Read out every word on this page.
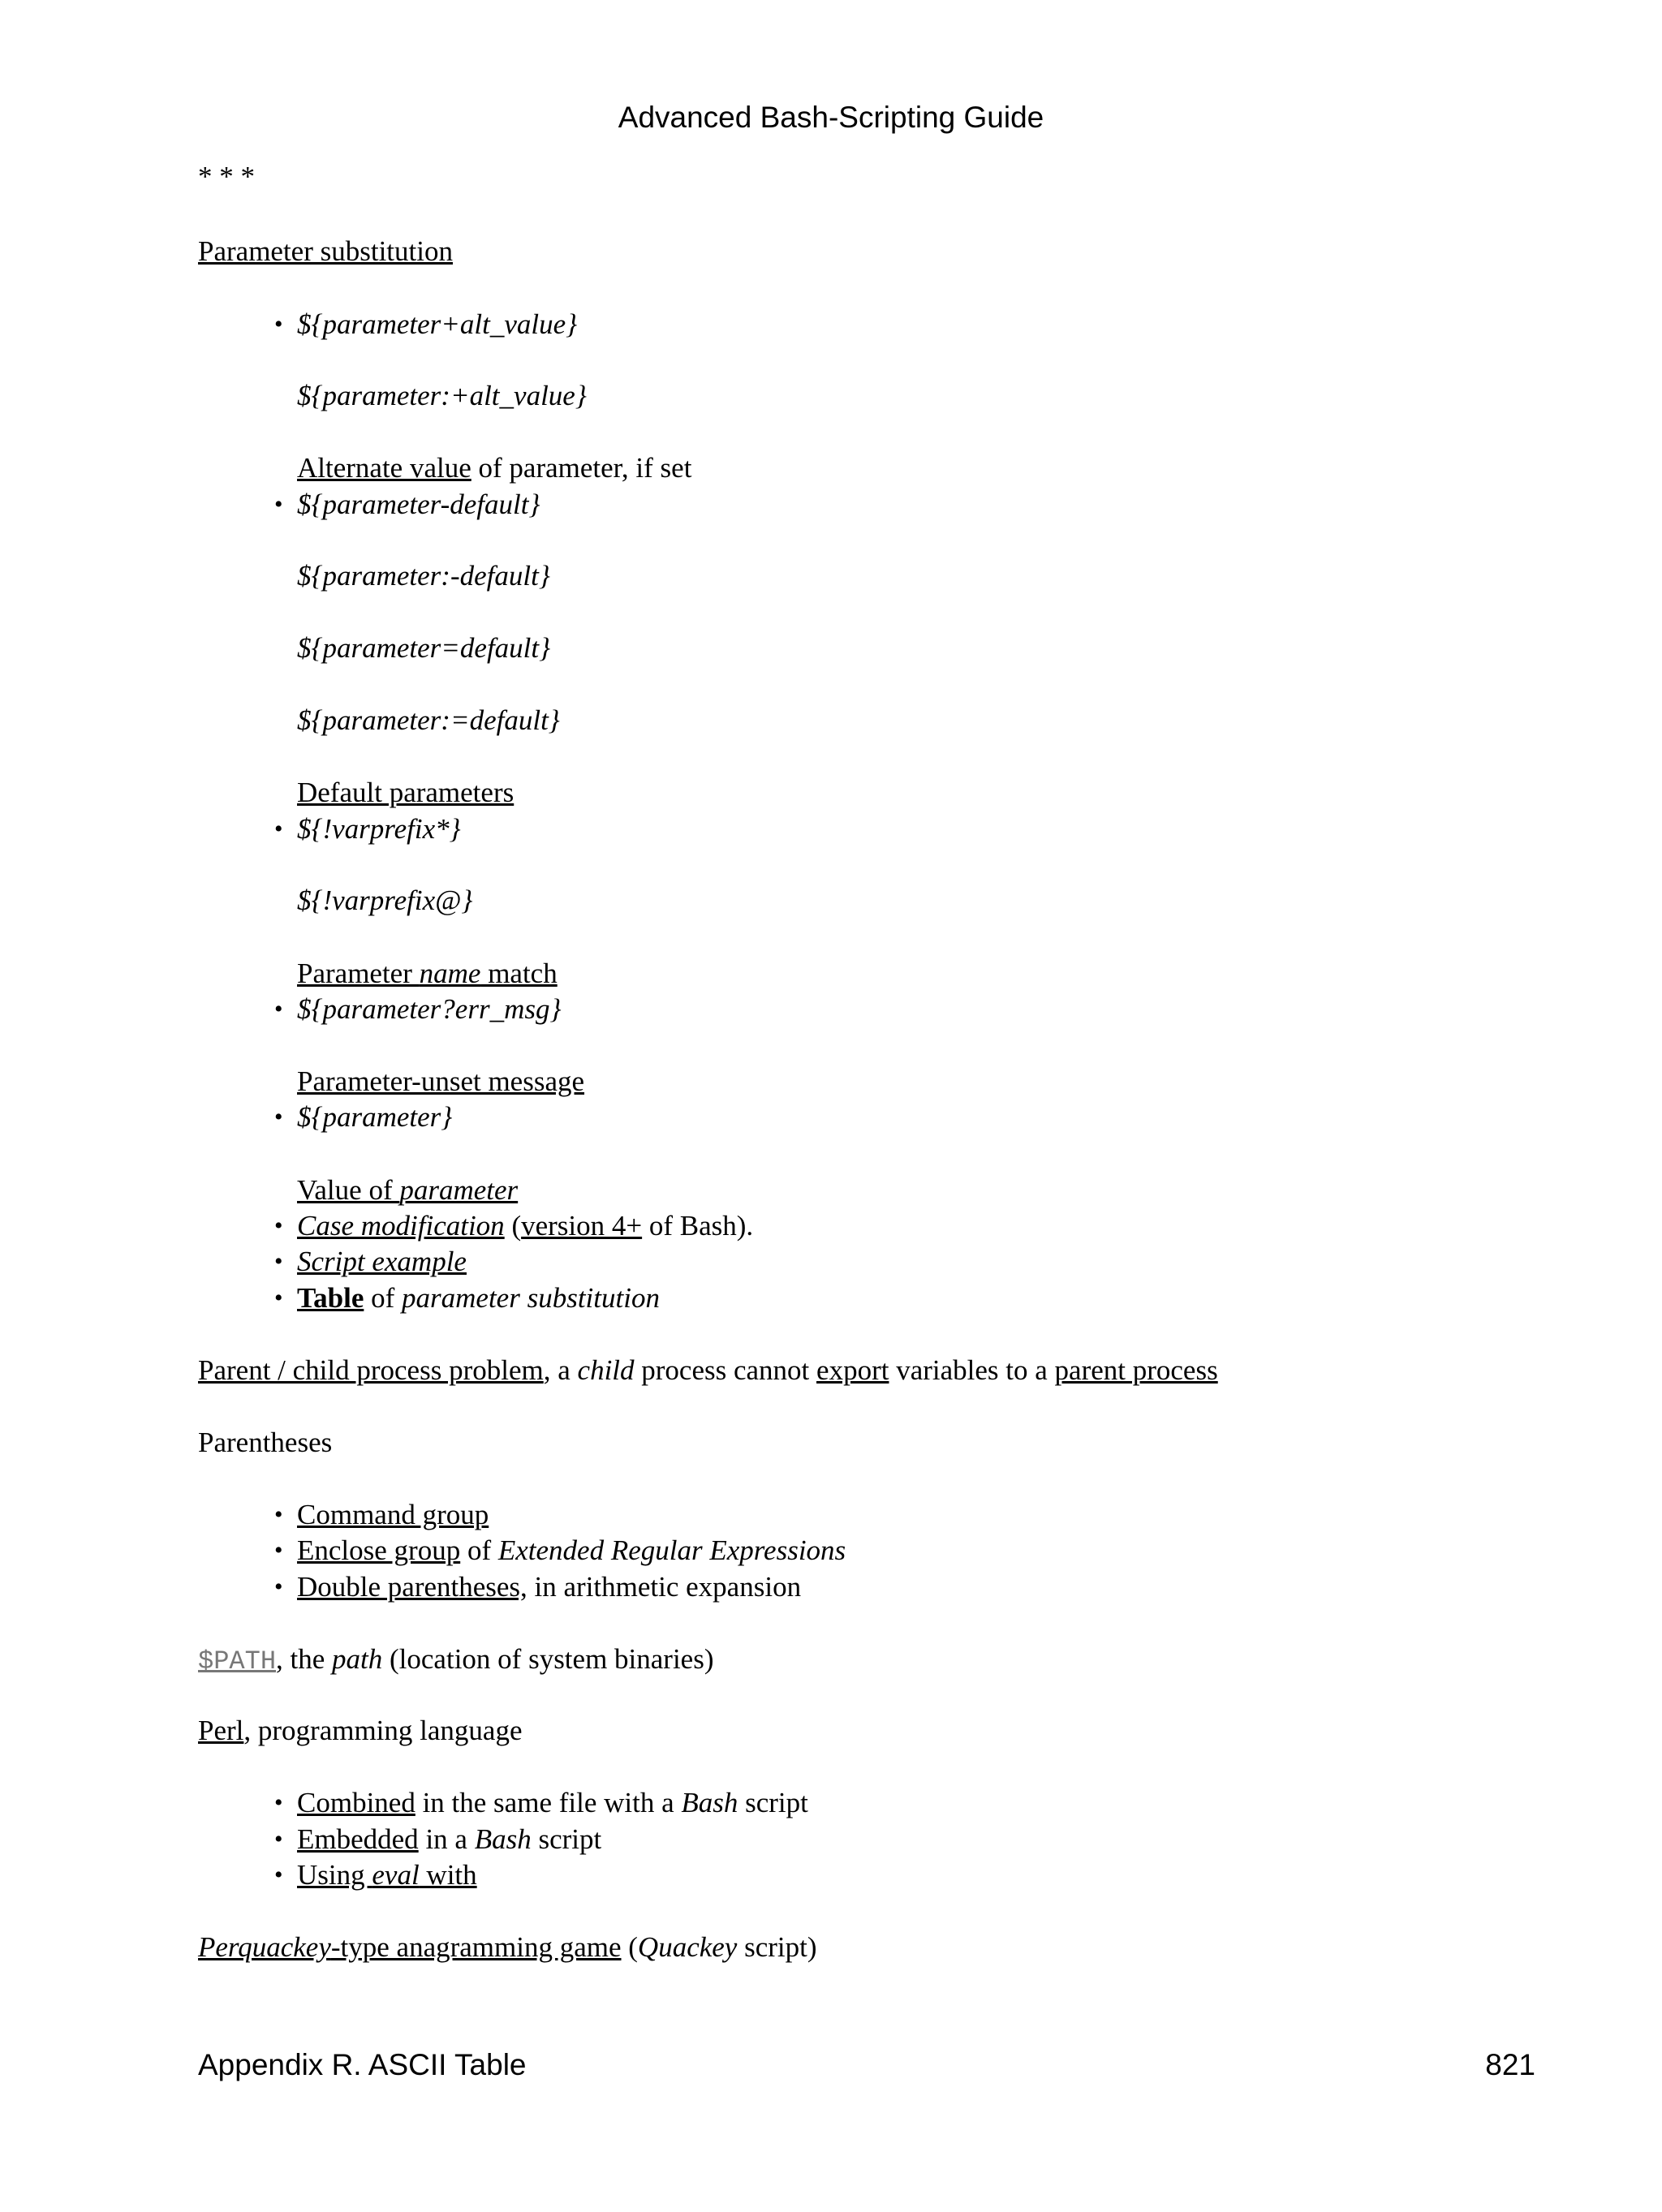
Advanced Bash-Scripting Guide
* * *
Parameter substitution
• ${parameter+alt_value}
${parameter:+alt_value}
Alternate value of parameter, if set
• ${parameter-default}
${parameter:-default}
${parameter=default}
${parameter:=default}
Default parameters
• ${!varprefix*}
${!varprefix@}
Parameter name match
• ${parameter?err_msg}
Parameter-unset message
• ${parameter}
Value of parameter
• Case modification (version 4+ of Bash).
• Script example
• Table of parameter substitution
Parent / child process problem, a child process cannot export variables to a parent process
Parentheses
• Command group
• Enclose group of Extended Regular Expressions
• Double parentheses, in arithmetic expansion
$PATH, the path (location of system binaries)
Perl, programming language
• Combined in the same file with a Bash script
• Embedded in a Bash script
• Using eval with
Perquackey-type anagramming game (Quackey script)
Appendix R. ASCII Table	821
